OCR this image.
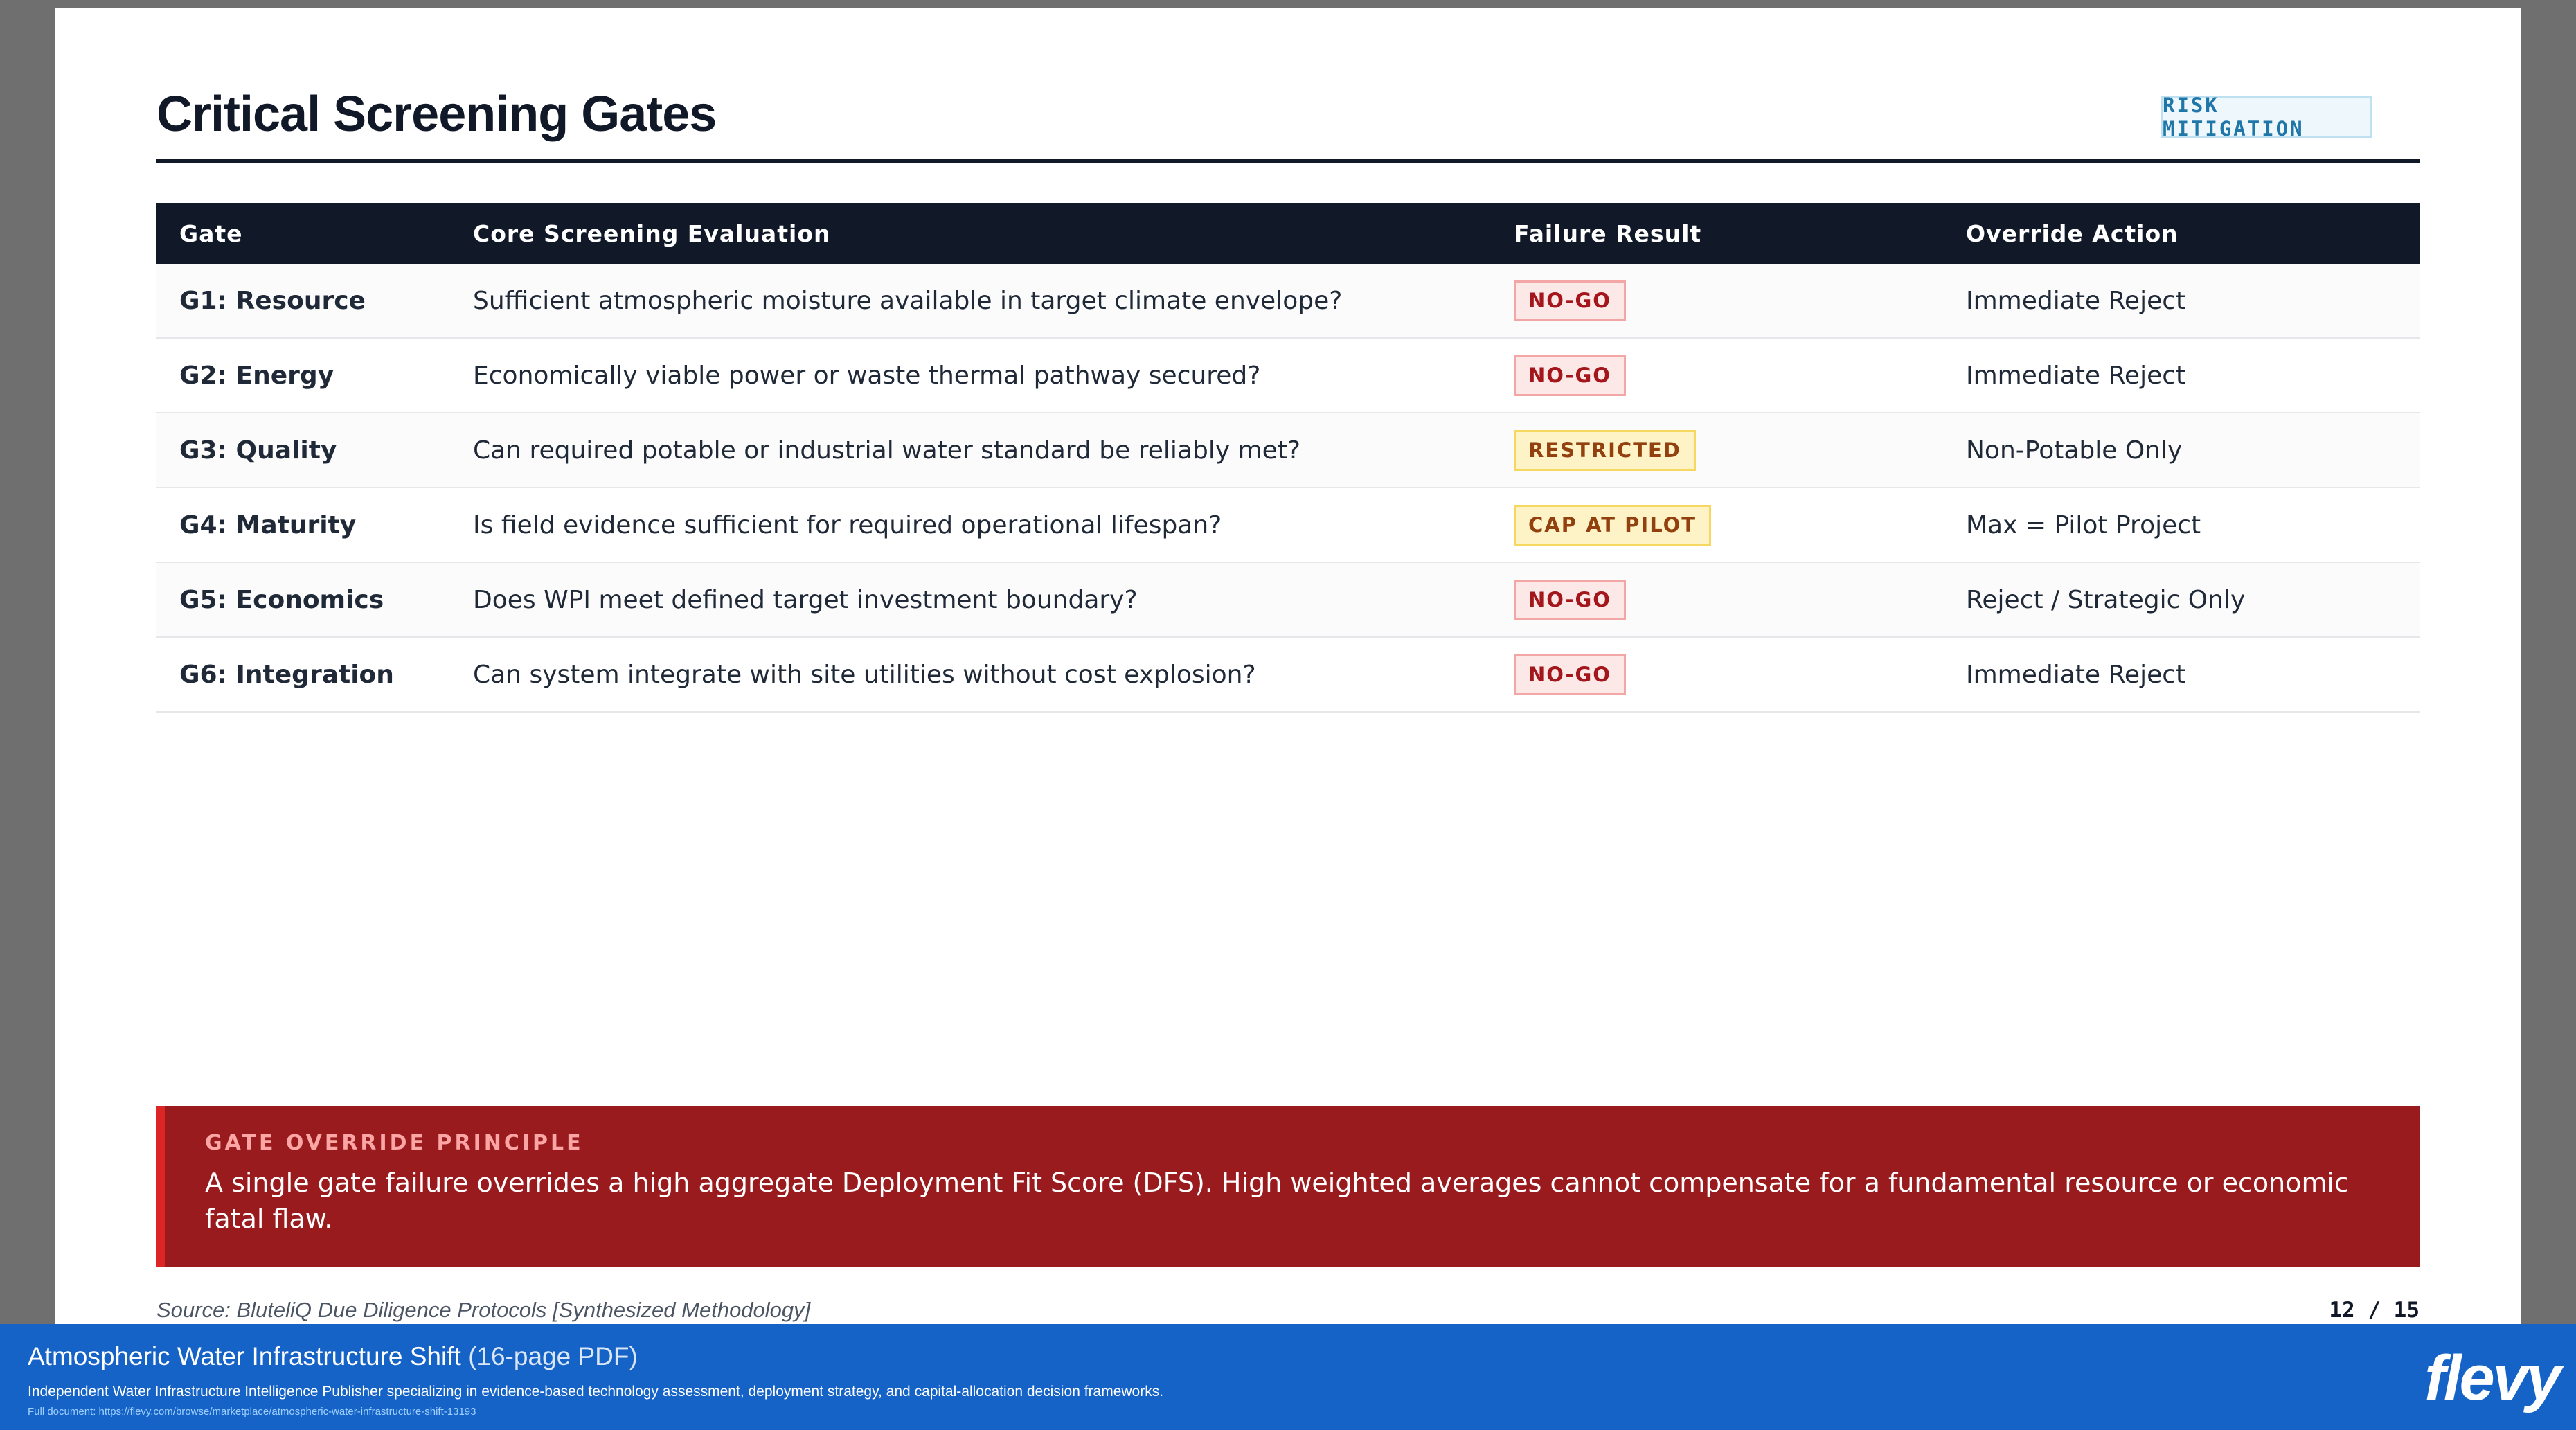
Critical Screening Gates	RISK MITIGATION
Gate	Core Screening Evaluation	Failure Result	Override Action
G1: Resource	Sufficient atmospheric moisture available in target climate envelope?	NO-GO	Immediate Reject
G2: Energy	Economically viable power or waste thermal pathway secured?	NO-GO	Immediate Reject
G3: Quality	Can required potable or industrial water standard be reliably met?	RESTRICTED	Non-Potable Only
G4: Maturity	Is field evidence sufficient for required operational lifespan?	CAP AT PILOT	Max = Pilot Project
G5: Economics	Does WPI meet defined target investment boundary?	NO-GO	Reject / Strategic Only
G6: Integration	Can system integrate with site utilities without cost explosion?	NO-GO	Immediate Reject
GATE OVERRIDE PRINCIPLE
A single gate failure overrides a high aggregate Deployment Fit Score (DFS). High weighted averages cannot compensate for a fundamental resource or economic fatal flaw.
Source: BluteliQ Due Diligence Protocols [Synthesized Methodology]	12 / 15
Atmospheric Water Infrastructure Shift (16-page PDF)
Independent Water Infrastructure Intelligence Publisher specializing in evidence-based technology assessment, deployment strategy, and capital-allocation decision frameworks.
Full document: https://flevy.com/browse/marketplace/atmospheric-water-infrastructure-shift-13193	flevy
